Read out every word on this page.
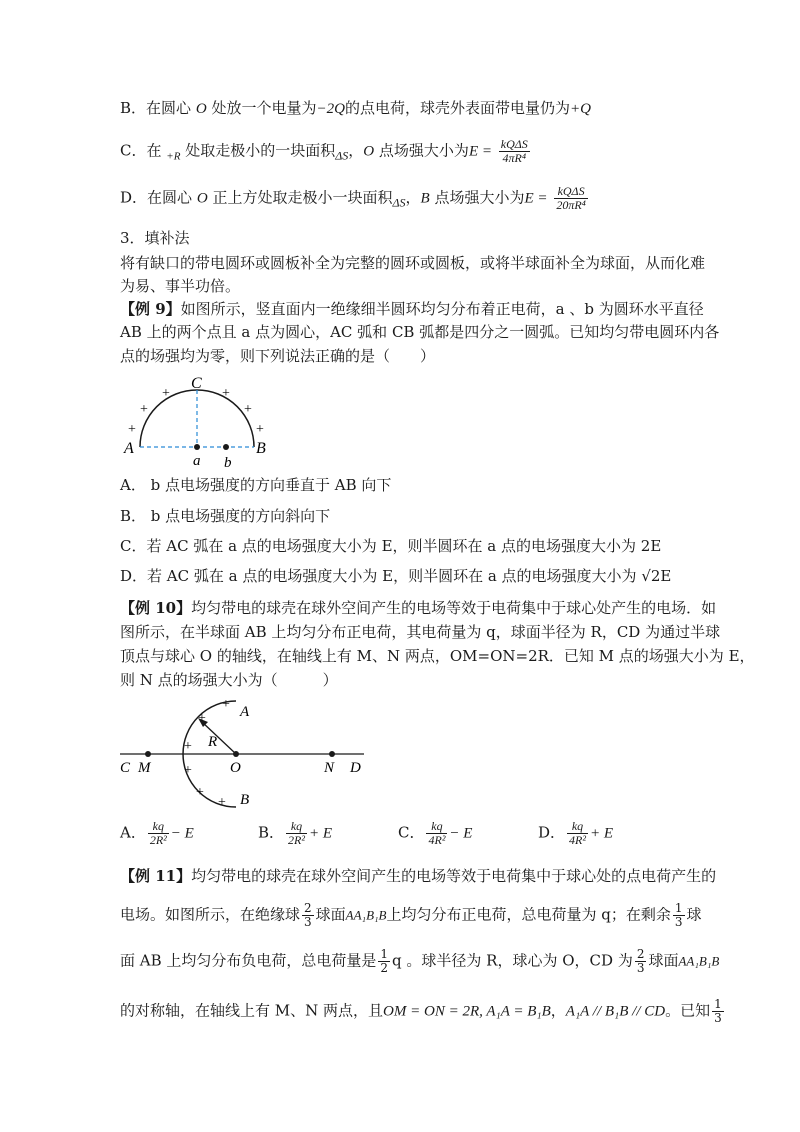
B．在圆心 O 处放一个电量为−2Q的点电荷，球壳外表面带电量仍为+Q
C．在 $_{+R}$ 处取走极小的一块面积$_{\Delta S}$，O 点场强大小为$E = \frac{\text{kQΔS}}{\text{4πR⁴}}$
D．在圆心 O 正上方处取走极小一块面积$_{\Delta S}$，B 点场强大小为$E = \frac{\text{kQΔS}}{\text{20πR⁴}}$
3．填补法
将有缺口的带电圆环或圆板补全为完整的圆环或圆板，或将半球面补全为球面，从而化难
为易、事半功倍。
【例 9】如图所示，竖直面内一绝缘细半圆环均匀分布着正电荷，a 、b 为圆环水平直径
AB 上的两个点且 a 点为圆心，AC 弧和 CB 弧都是四分之一圆弧。已知均匀带电圆环内各
点的场强均为零，则下列说法正确的是（　　）
A	B
C
a b
+
+
+	+
+
+
A． b 点电场强度的方向垂直于 AB 向下
B． b 点电场强度的方向斜向下
C．若 AC 弧在 a 点的电场强度大小为 E，则半圆环在 a 点的电场强度大小为 2E
D．若 AC 弧在 a 点的电场强度大小为 E，则半圆环在 a 点的电场强度大小为 √2E
【例 10】均匀带电的球壳在球外空间产生的电场等效于电荷集中于球心处产生的电场．如
图所示，在半球面 AB 上均匀分布正电荷，其电荷量为 q，球面半径为 R，CD 为通过半球
顶点与球心 O 的轴线，在轴线上有 M、N 两点，OM=ON=2R．已知 M 点的场强大小为 E，
则 N 点的场强大小为（　　　）
A
B
R
C M	O	N D
+
+
+
+
+
+
A． $\frac{kq}{\text{2R²}} - E$	B． $\frac{kq}{\text{2R²}} + E$	C． $\frac{kq}{\text{4R²}} - E$	D． $\frac{kq}{\text{4R²}} + E$
【例 11】均匀带电的球壳在球外空间产生的电场等效于电荷集中于球心处的点电荷产生的
电场。如图所示，在绝缘球 $\frac{2}{3}$ 球面AA₁B₁B上均匀分布正电荷，总电荷量为 q；在剩余 $\frac{1}{3}$ 球
面 AB 上均匀分布负电荷，总电荷量是 $\frac{1}{2}$ q 。球半径为 R，球心为 O，CD 为 $\frac{2}{3}$ 球面AA₁B₁B
的对称轴，在轴线上有 M、N 两点，且OM = ON = 2R, A₁A = B₁B，A₁A // B₁B // CD。已知 $\frac{1}{3}$
